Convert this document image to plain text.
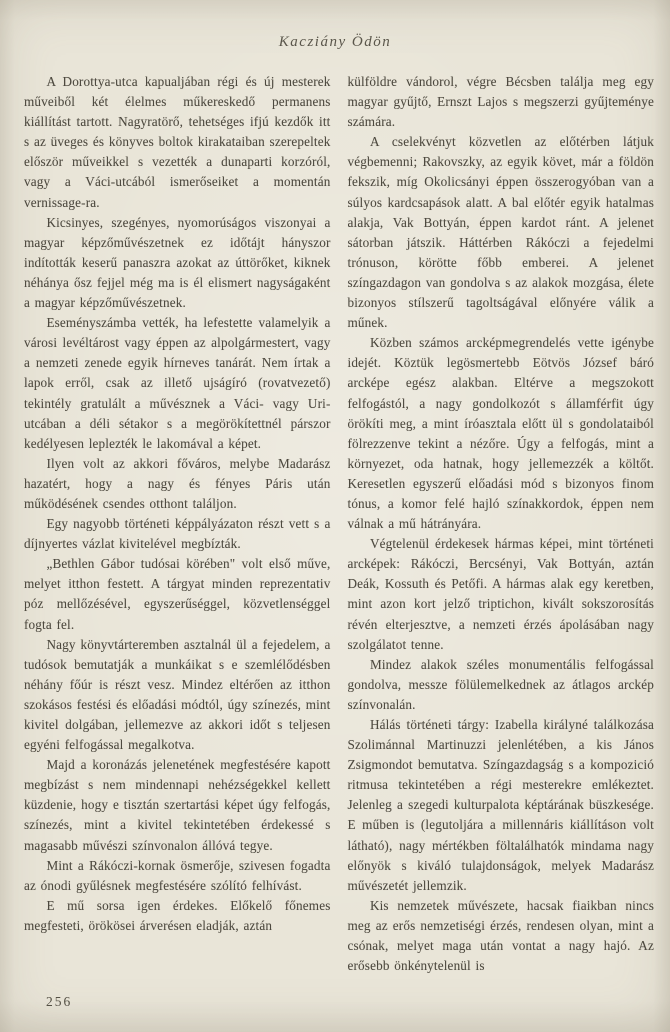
Kacziány Ödön

A Dorottya-utca kapualjában régi és új mesterek műveiből két élelmes műkereskedő permanens kiállítást tartott. Nagyratörő, tehetséges ifjú kezdők itt s az üveges és könyves boltok kirakataiban szerepeltek először műveikkel s vezették a dunaparti korzóról, vagy a Váci-utcából ismerőseiket a momentán vernissage-ra.

Kicsinyes, szegényes, nyomorúságos viszonyai a magyar képzőművészetnek ez időtájt hányszor indították keserű panaszra azokat az úttörőket, kiknek néhánya ősz fejjel még ma is él elismert nagyságaként a magyar képzőművészetnek.

Eseményszámba vették, ha lefestette valamelyik a városi levéltárost vagy éppen az alpolgármestert, vagy a nemzeti zenede egyik hírneves tanárát. Nem írtak a lapok erről, csak az illető ujságíró (rovatvezető) tekintély gratulált a művésznek a Váci- vagy Uri-utcában a déli sétakor s a megörökítettnél párszor kedélyesen leplezték le lakomával a képet.

Ilyen volt az akkori főváros, melybe Madarász hazatért, hogy a nagy és fényes Páris után működésének csendes otthont találjon.

Egy nagyobb történeti képpályázaton részt vett s a díjnyertes vázlat kivitelével megbízták.

„Bethlen Gábor tudósai körében" volt első műve, melyet itthon festett. A tárgyat minden reprezentativ póz mellőzésével, egyszerűséggel, közvetlenséggel fogta fel.

Nagy könyvtárteremben asztalnál ül a fejedelem, a tudósok bemutatják a munkáikat s e szemlélődésben néhány főúr is részt vesz. Mindez eltérően az itthon szokásos festési és előadási módtól, úgy színezés, mint kivitel dolgában, jellemezve az akkori időt s teljesen egyéni felfogással megalkotva.

Majd a koronázás jelenetének megfestésére kapott megbízást s nem mindennapi nehézségekkel kellett küzdenie, hogy e tisztán szertartási képet úgy felfogás, színezés, mint a kivitel tekintetében érdekessé s magasabb művészi színvonalon állóvá tegye.

Mint a Rákóczi-kornak ösmerője, szivesen fogadta az ónodi gyűlésnek megfestésére szólító felhívást.

E mű sorsa igen érdekes. Előkelő főnemes megfesteti, örökösei árverésen eladják, aztán

külföldre vándorol, végre Bécsben találja meg egy magyar gyűjtő, Ernszt Lajos s megszerzi gyűjteménye számára.

A cselekvényt közvetlen az előtérben látjuk végbemenni; Rakovszky, az egyik követ, már a földön fekszik, míg Okolicsányi éppen összerogyóban van a súlyos kardcsapások alatt. A bal előtér egyik hatalmas alakja, Vak Bottyán, éppen kardot ránt. A jelenet sátorban játszik. Háttérben Rákóczi a fejedelmi trónuson, körötte főbb emberei. A jelenet színgazdagon van gondolva s az alakok mozgása, élete bizonyos stílszerű tagoltságával előnyére válik a műnek.

Közben számos arcképmegrendelés vette igénybe idejét. Köztük legösmertebb Eötvös József báró arcképe egész alakban. Eltérve a megszokott felfogástól, a nagy gondolkozót s államférfit úgy örökíti meg, a mint íróasztala előtt ül s gondolataiból fölrezzenve tekint a nézőre. Úgy a felfogás, mint a környezet, oda hatnak, hogy jellemezzék a költőt. Keresetlen egyszerű előadási mód s bizonyos finom tónus, a komor felé hajló színakkordok, éppen nem válnak a mű hátrányára.

Végtelenül érdekesek hármas képei, mint történeti arcképek: Rákóczi, Bercsényi, Vak Bottyán, aztán Deák, Kossuth és Petőfi. A hármas alak egy keretben, mint azon kort jelző triptichon, kivált sokszorosítás révén elterjesztve, a nemzeti érzés ápolásában nagy szolgálatot tenne.

Mindez alakok széles monumentális felfogással gondolva, messze fölülemelkednek az átlagos arckép színvonalán.

Hálás történeti tárgy: Izabella királyné találkozása Szolimánnal Martinuzzi jelenlétében, a kis János Zsigmondot bemutatva. Színgazdagság s a kompozició ritmusa tekintetében a régi mesterekre emlékeztet. Jelenleg a szegedi kulturpalota képtárának büszkesége. E műben is (legutoljára a millennáris kiállításon volt látható), nagy mértékben föltalálhatók mindama nagy előnyök s kiváló tulajdonságok, melyek Madarász művészetét jellemzik.

Kis nemzetek művészete, hacsak fiaikban nincs meg az erős nemzetiségi érzés, rendesen olyan, mint a csónak, melyet maga után vontat a nagy hajó. Az erősebb önkénytelenül is

256
